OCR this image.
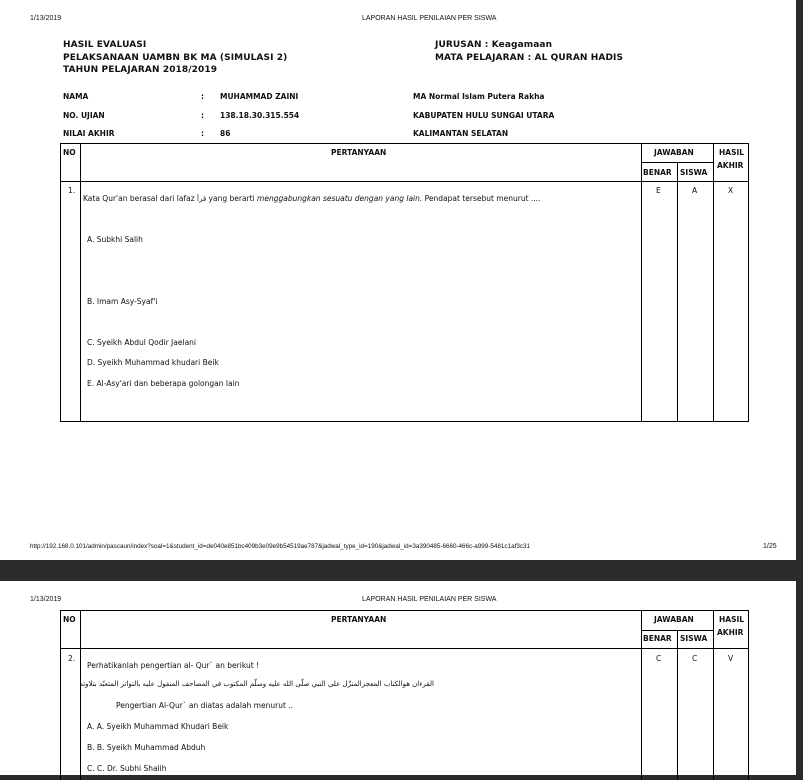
1/13/2019	LAPORAN HASIL PENILAIAN PER SISWA
HASIL EVALUASI
PELAKSANAAN UAMBN BK MA (SIMULASI 2)
TAHUN PELAJARAN 2018/2019
JURUSAN : Keagamaan
MATA PELAJARAN : AL QURAN HADIS
NAMA	: MUHAMMAD ZAINI	MA Normal Islam Putera Rakha
NO. UJIAN	: 138.18.30.315.554	KABUPATEN HULU SUNGAI UTARA
NILAI AKHIR	: 86	KALIMANTAN SELATAN
NO	PERTANYAAN	JAWABAN
BENAR SISWA
HASIL
AKHIR
1.
Kata Qur'an berasal dari lafaz قرأ yang berarti menggabungkan sesuatu dengan yang lain. Pendapat tersebut menurut ....
A. Subkhi Salih
B. Imam Asy-Syaf'i
C. Syeikh Abdul Qodir Jaelani
D. Syeikh Muhammad khudari Beik
E. Al-Asy'ari dan beberapa golongan lain
E	A	X
http://192.168.0.101/admin/pascaun/index?soal=1&student_id=de040e851bc409b3e09e9b54519ae787&jadwal_type_id=190&jadwal_id=3a390485-6660-466c-a999-5481c1af3c31	1/25
1/13/2019	LAPORAN HASIL PENILAIAN PER SISWA
NO	PERTANYAAN	JAWABAN
BENAR SISWA
HASIL
AKHIR
2.
Perhatikanlah pengertian al- Qur` an berikut !
القرءان هوالكتاب المعجزالمنزّل على النبي صلّى الله عليه وسلّم المكتوب في المصاحف المنقول عليه بالتواتر المتعبّد بتلاوته
Pengertian Al-Qur` an diatas adalah menurut ..
A. A. Syeikh Muhammad Khudari Beik
B. B. Syeikh Muhammad Abduh
C. C. Dr. Subhi Shalih
C	C	V
